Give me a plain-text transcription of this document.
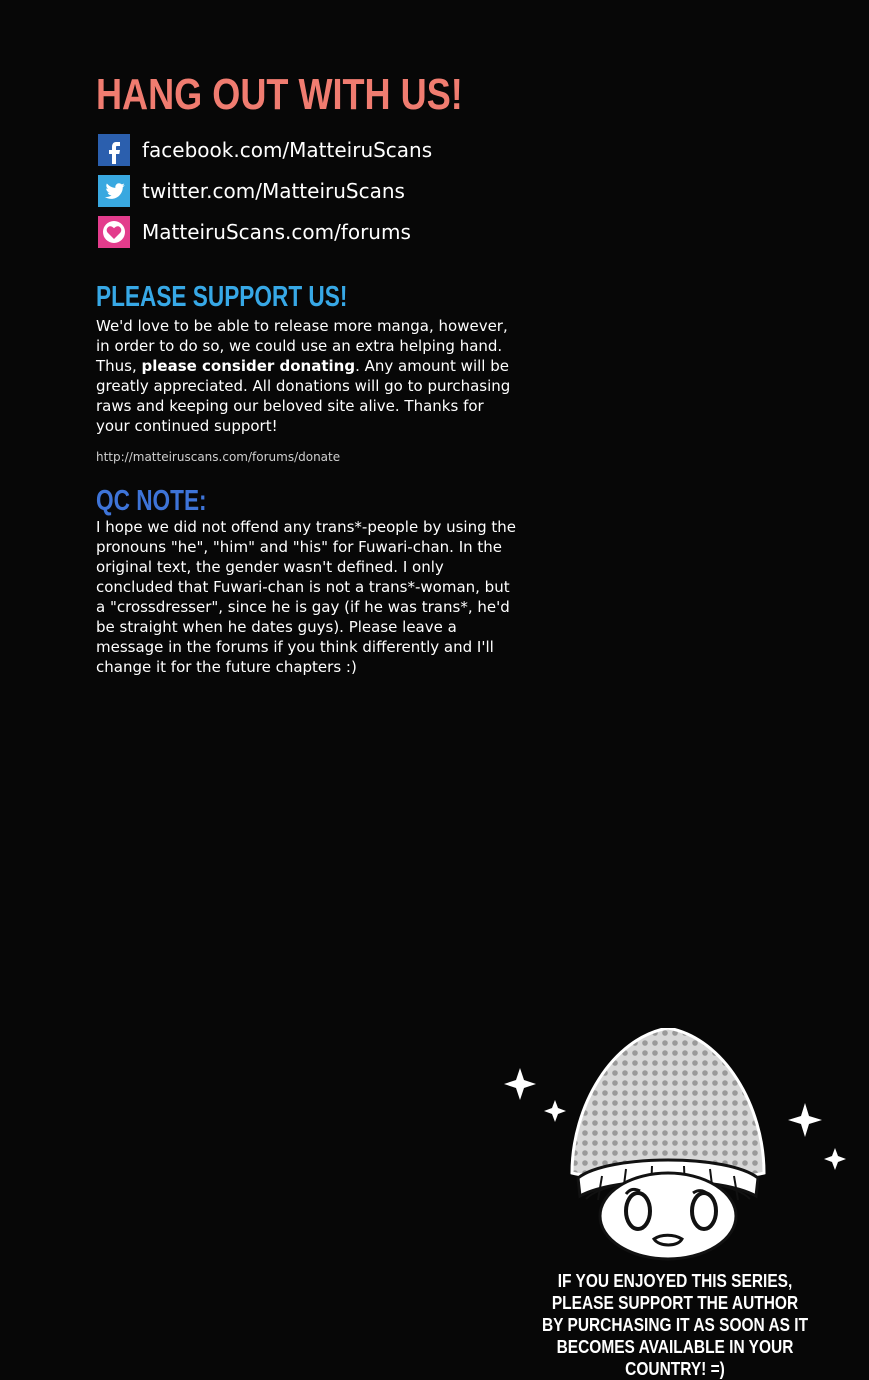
HANG OUT WITH US!
facebook.com/MatteiruScans
twitter.com/MatteiruScans
MatteiruScans.com/forums
PLEASE SUPPORT US!

We'd love to be able to release more manga, however, in order to do so, we could use an extra helping hand. Thus, please consider donating. Any amount will be greatly appreciated. All donations will go to purchasing raws and keeping our beloved site alive. Thanks for your continued support!

http://matteiruscans.com/forums/donate
QC NOTE:

I hope we did not offend any trans*-people by using the pronouns "he", "him" and "his" for Fuwari-chan. In the original text, the gender wasn't defined. I only concluded that Fuwari-chan is not a trans*-woman, but a "crossdresser", since he is gay (if he was trans*, he'd be straight when he dates guys). Please leave a message in the forums if you think differently and I'll change it for the future chapters :)

IF YOU ENJOYED THIS SERIES, PLEASE SUPPORT THE AUTHOR BY PURCHASING IT AS SOON AS IT BECOMES AVAILABLE IN YOUR COUNTRY! =)
